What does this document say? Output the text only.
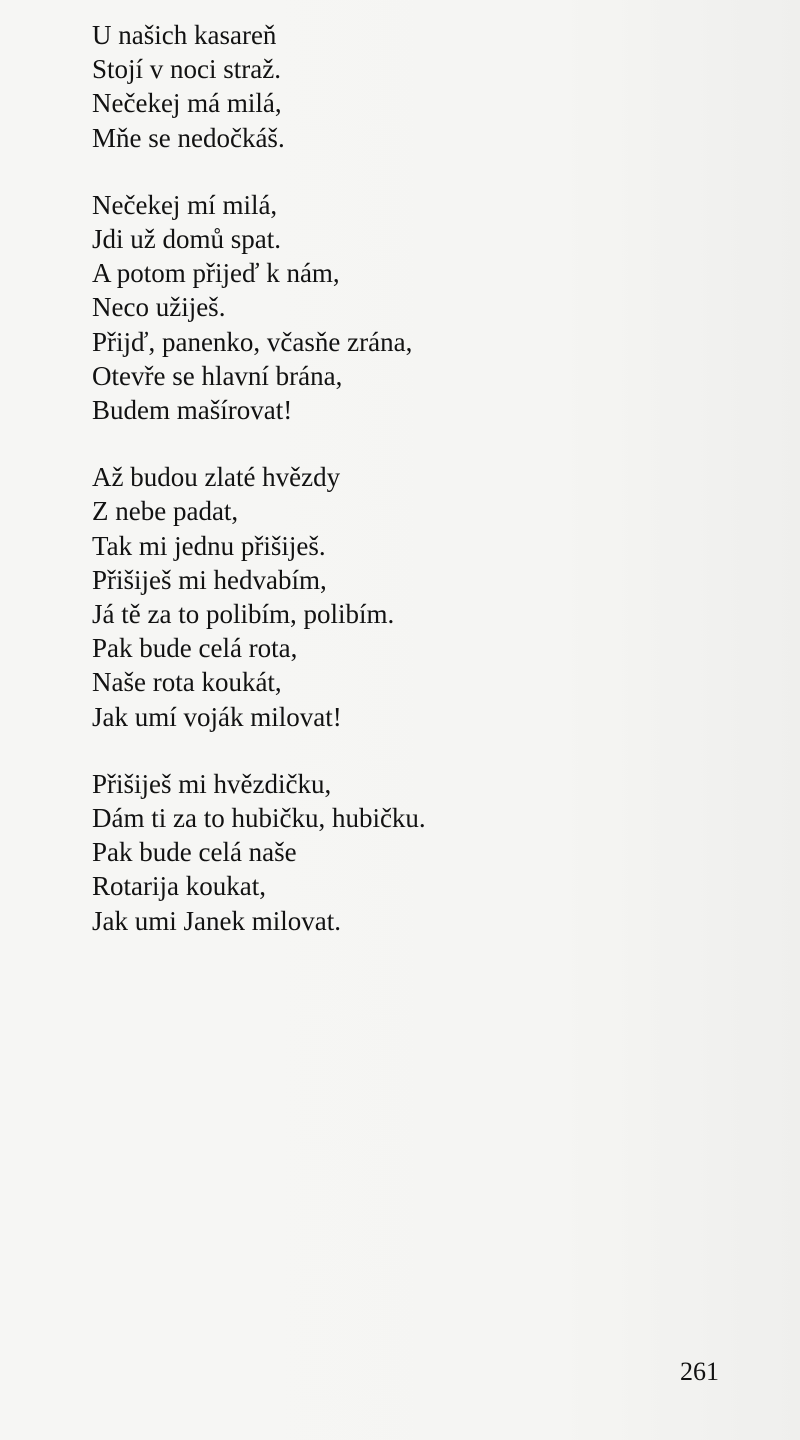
U našich kasareň
Stojí v noci straž.
Nečekej má milá,
Mňe se nedočkáš.
Nečekej mí milá,
Jdi už domů spat.
A potom přijeď k nám,
Neco užiješ.
Přijď, panenko, včasňe zrána,
Otevře se hlavní brána,
Budem mašírovat!
Až budou zlaté hvězdy
Z nebe padat,
Tak mi jednu přišiješ.
Přišiješ mi hedvabím,
Já tě za to polibím, polibím.
Pak bude celá rota,
Naše rota koukát,
Jak umí voják milovat!
Přišiješ mi hvězdičku,
Dám ti za to hubičku, hubičku.
Pak bude celá naše
Rotarija koukat,
Jak umi Janek milovat.
261
